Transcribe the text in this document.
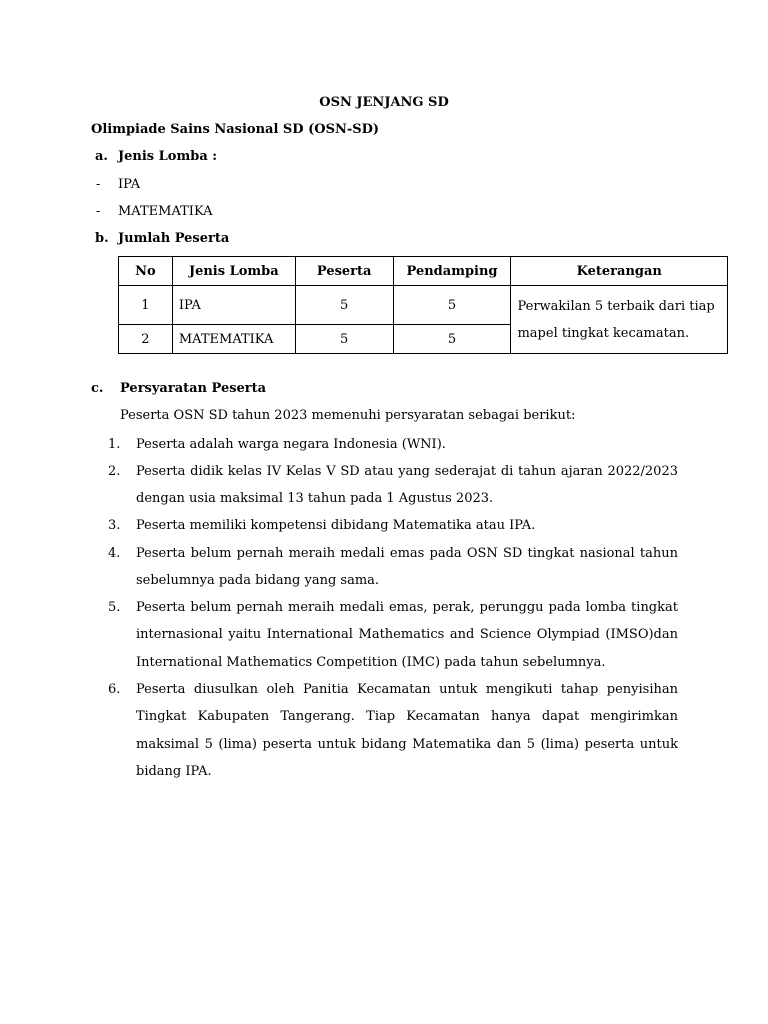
OSN JENJANG SD
Olimpiade Sains Nasional SD (OSN-SD)
a. Jenis Lomba :
- IPA
- MATEMATIKA
b. Jumlah Peserta
No	Jenis Lomba	Peserta	Pendamping	Keterangan
1	IPA	5	5	Perwakilan 5 terbaik dari tiap mapel tingkat kecamatan.
2	MATEMATIKA	5	5	
c. Persyaratan Peserta
Peserta OSN SD tahun 2023 memenuhi persyaratan sebagai berikut:
1. Peserta adalah warga negara Indonesia (WNI).
2. Peserta didik kelas IV Kelas V SD atau yang sederajat di tahun ajaran 2022/2023 dengan usia maksimal 13 tahun pada 1 Agustus 2023.
3. Peserta memiliki kompetensi dibidang Matematika atau IPA.
4. Peserta belum pernah meraih medali emas pada OSN SD tingkat nasional tahun sebelumnya pada bidang yang sama.
5. Peserta belum pernah meraih medali emas, perak, perunggu pada lomba tingkat internasional yaitu International Mathematics and Science Olympiad (IMSO)dan International Mathematics Competition (IMC) pada tahun sebelumnya.
6. Peserta diusulkan oleh Panitia Kecamatan untuk mengikuti tahap penyisihan Tingkat Kabupaten Tangerang. Tiap Kecamatan hanya dapat mengirimkan maksimal 5 (lima) peserta untuk bidang Matematika dan 5 (lima) peserta untuk bidang IPA.
